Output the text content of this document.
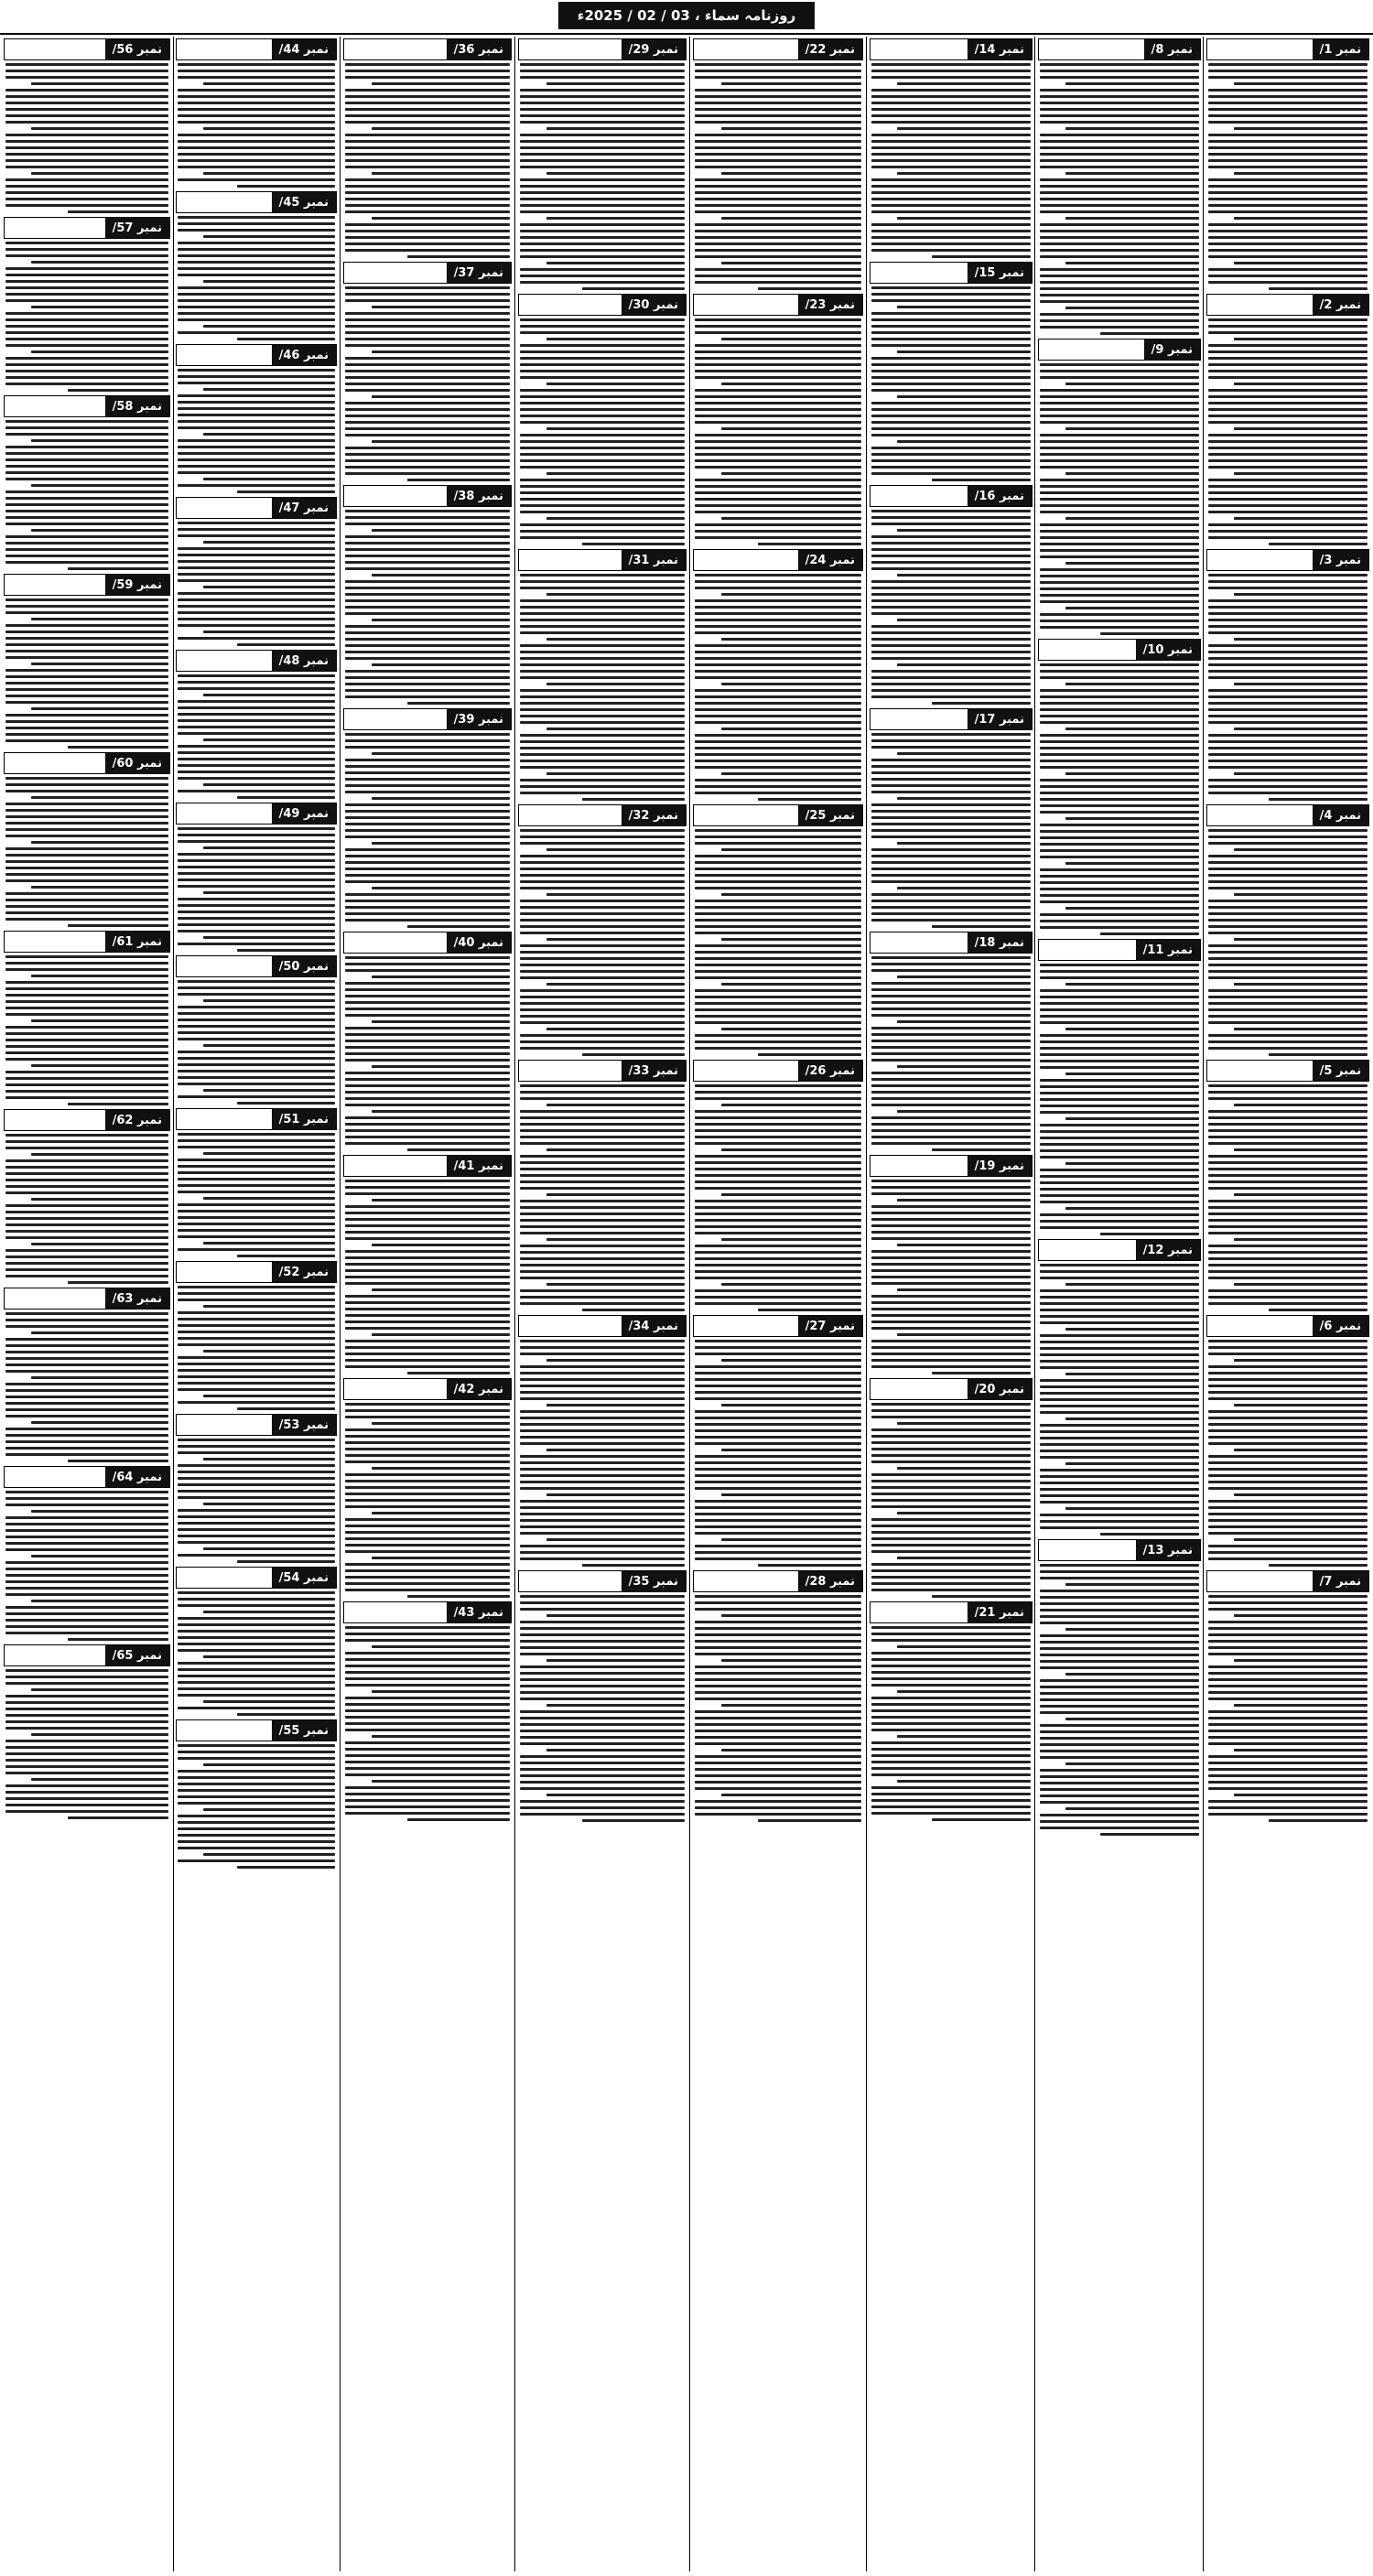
روزنامہ سماء ، 03 / 02 / 2025ء
نمبر 1/
نمبر 2/
نمبر 3/
نمبر 4/
نمبر 5/
نمبر 6/
نمبر 7/
نمبر 8/
نمبر 9/
نمبر 10/
نمبر 11/
نمبر 12/
نمبر 13/
نمبر 14/
نمبر 15/
نمبر 16/
نمبر 17/
نمبر 18/
نمبر 19/
نمبر 20/
نمبر 21/
نمبر 22/
نمبر 23/
نمبر 24/
نمبر 25/
نمبر 26/
نمبر 27/
نمبر 28/
نمبر 29/
نمبر 30/
نمبر 31/
نمبر 32/
نمبر 33/
نمبر 34/
نمبر 35/
نمبر 36/
نمبر 37/
نمبر 38/
نمبر 39/
نمبر 40/
نمبر 41/
نمبر 42/
نمبر 43/
نمبر 44/
نمبر 45/
نمبر 46/
نمبر 47/
نمبر 48/
نمبر 49/
نمبر 50/
نمبر 51/
نمبر 52/
نمبر 53/
نمبر 54/
نمبر 55/
نمبر 56/
نمبر 57/
نمبر 58/
نمبر 59/
نمبر 60/
نمبر 61/
نمبر 62/
نمبر 63/
نمبر 64/
نمبر 65/
